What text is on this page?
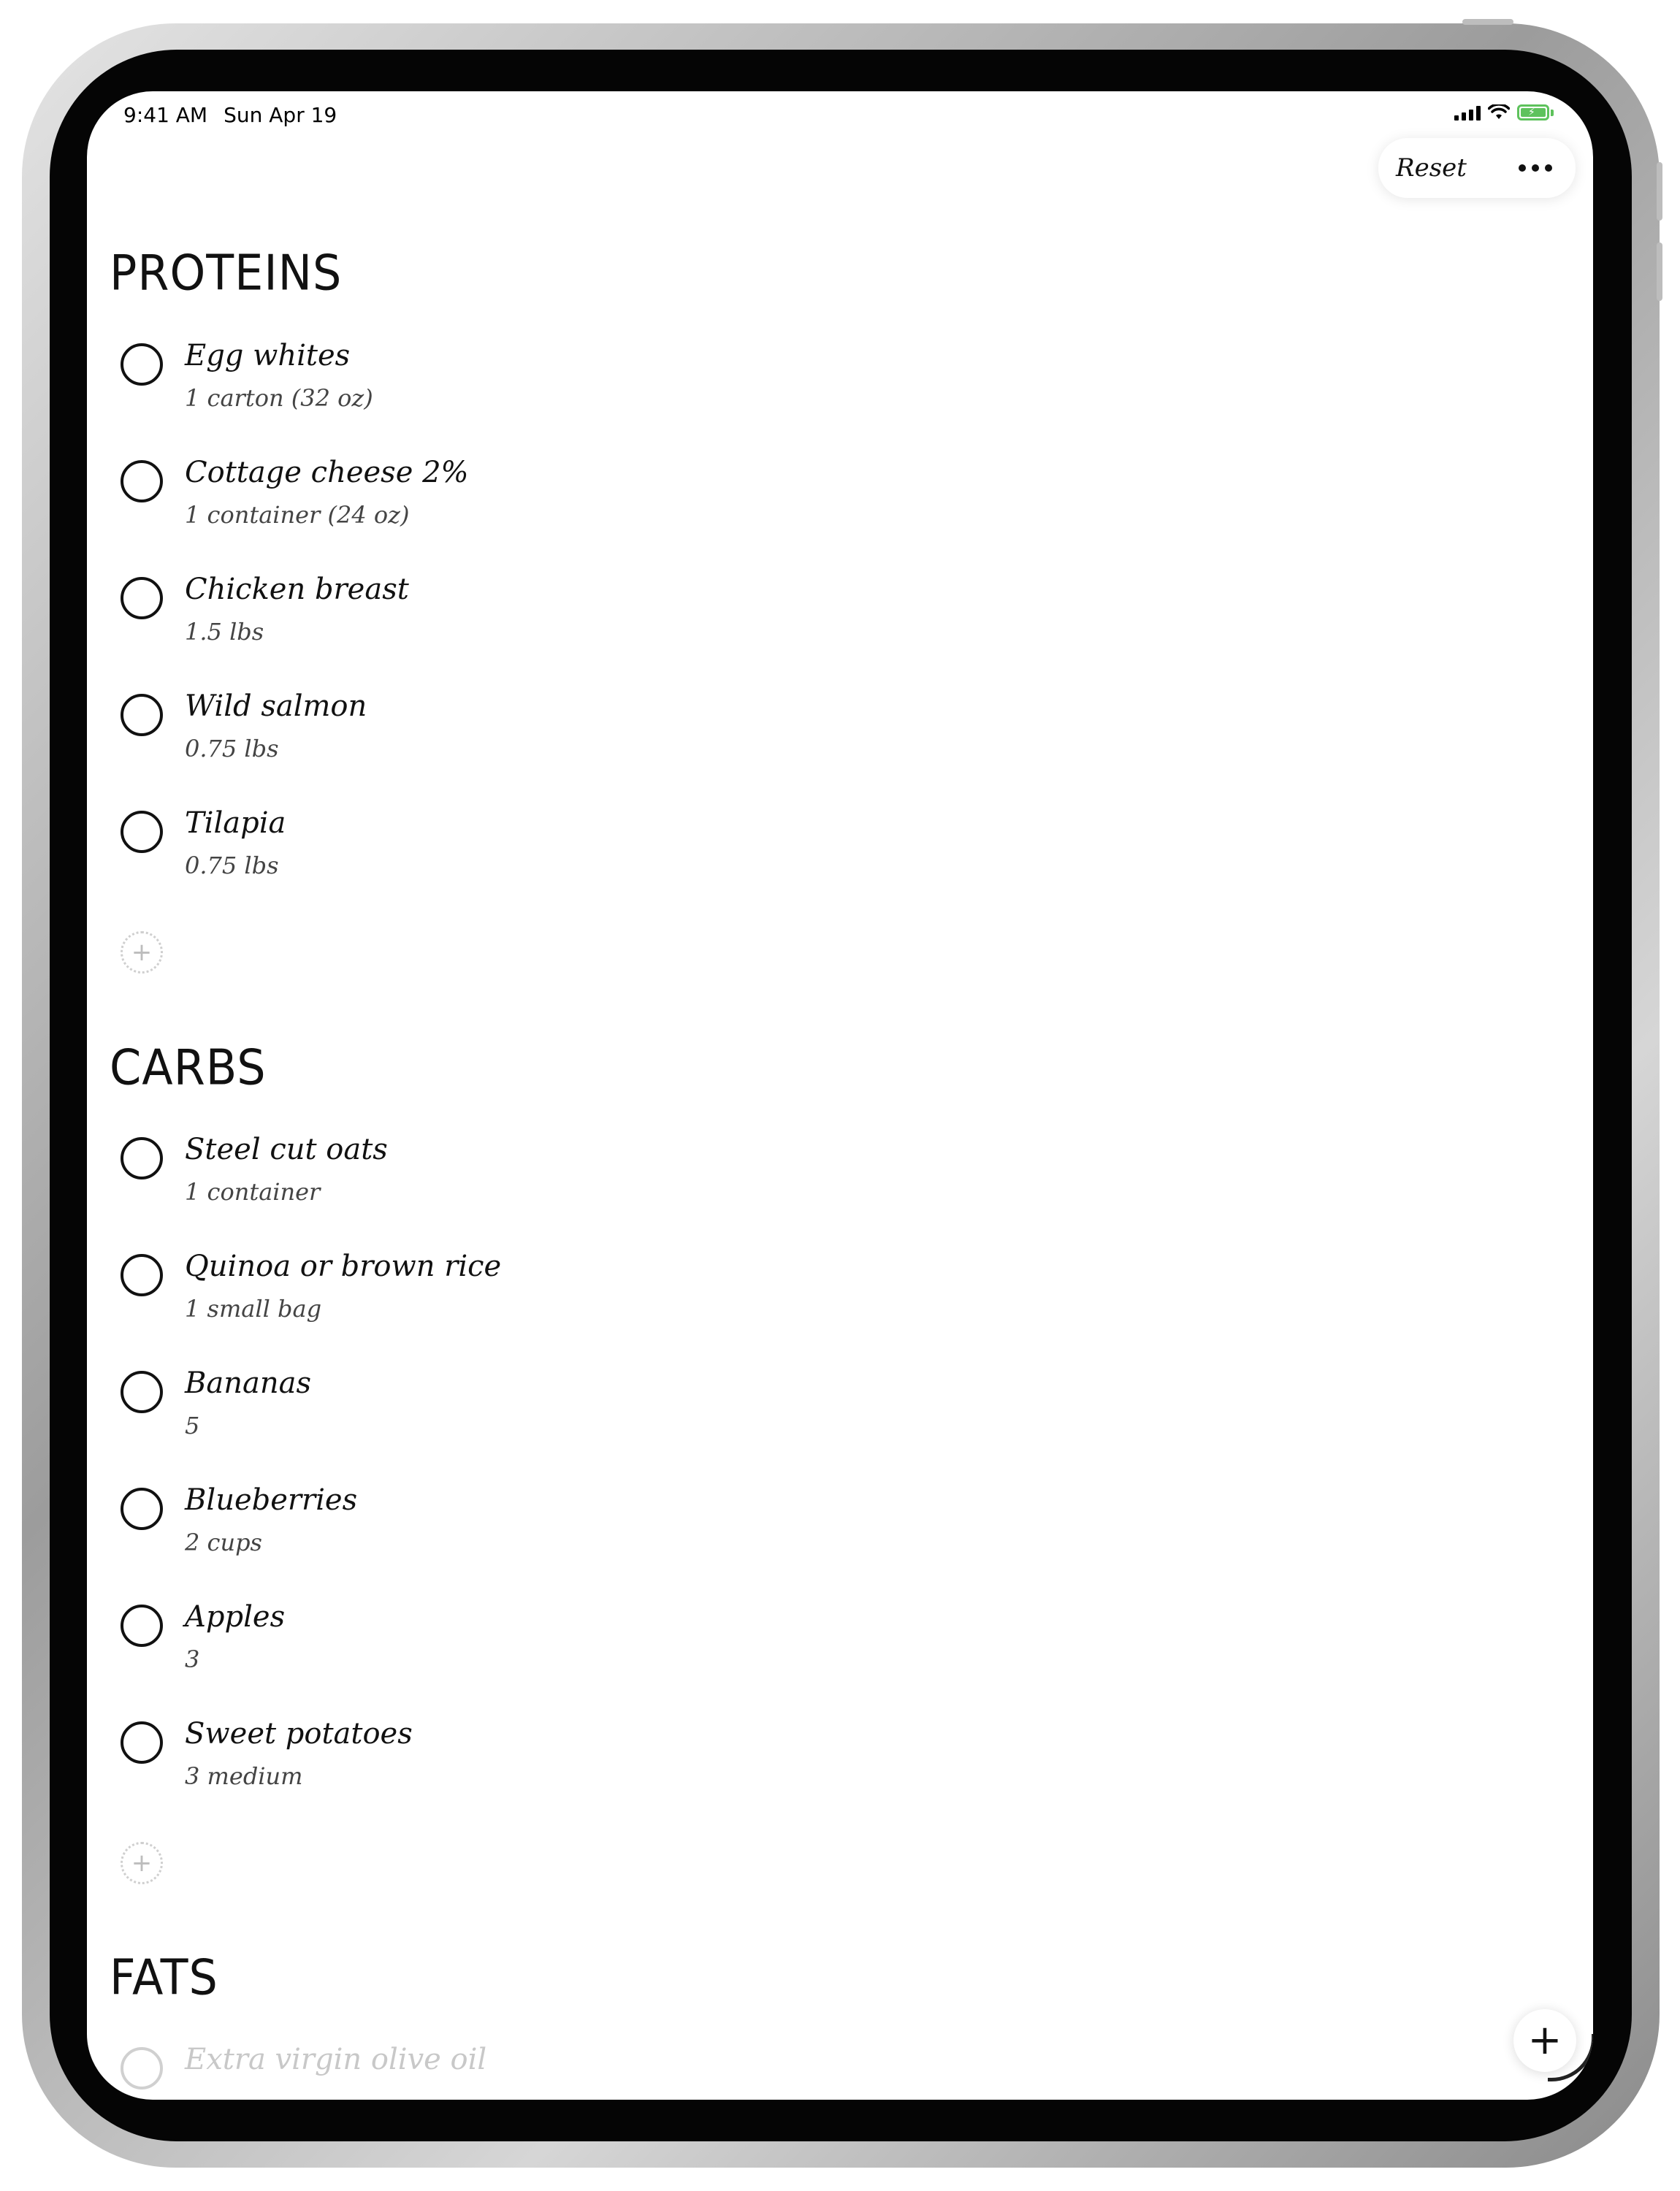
9:41 AM Sun Apr 19	⚡
Reset
PROTEINS
Egg whites
1 carton (32 oz)
Cottage cheese 2%
1 container (24 oz)
Chicken breast
1.5 lbs
Wild salmon
0.75 lbs
Tilapia
0.75 lbs
+
CARBS
Steel cut oats
1 container
Quinoa or brown rice
1 small bag
Bananas
5
Blueberries
2 cups
Apples
3
Sweet potatoes
3 medium
+
FATS
Extra virgin olive oil	+
